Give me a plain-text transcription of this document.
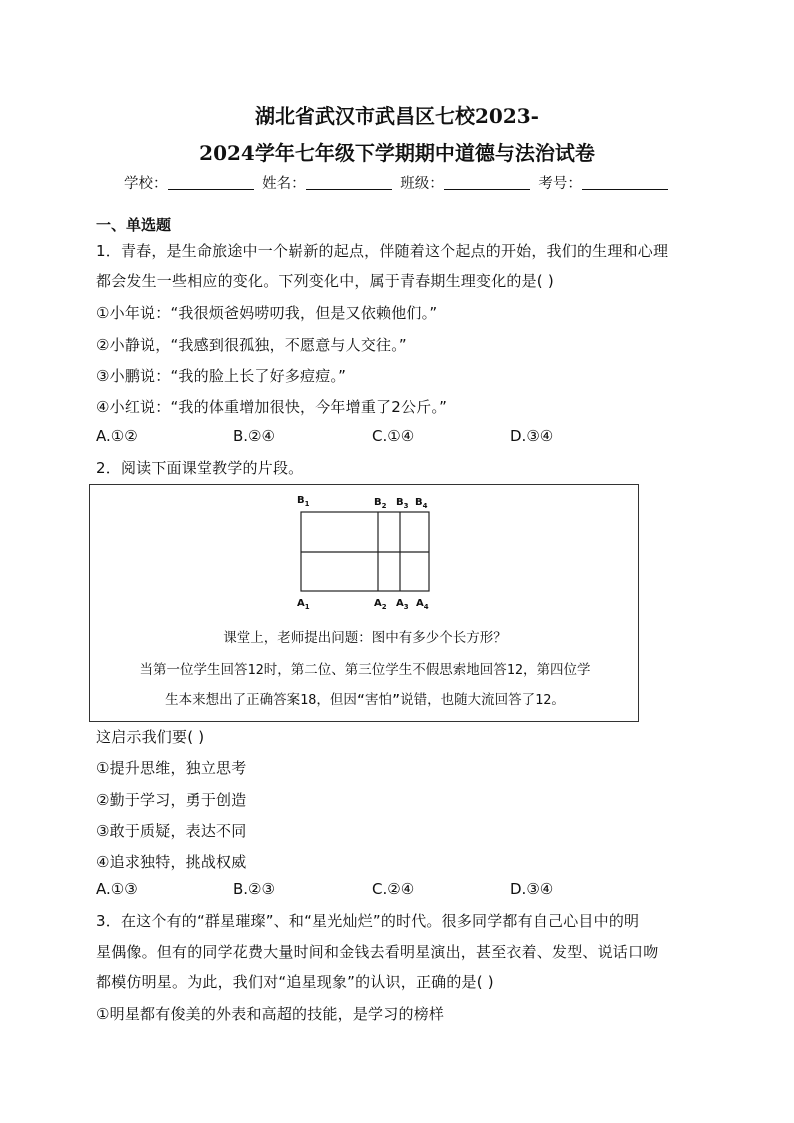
湖北省武汉市武昌区七校2023-
2024学年七年级下学期期中道德与法治试卷
学校：	姓名：	班级：	考号：
一、单选题
1．青春，是生命旅途中一个崭新的起点，伴随着这个起点的开始，我们的生理和心理
都会发生一些相应的变化。下列变化中，属于青春期生理变化的是( )
①小年说：“我很烦爸妈唠叨我，但是又依赖他们。”
②小静说，“我感到很孤独，不愿意与人交往。”
③小鹏说：“我的脸上长了好多痘痘。”
④小红说：“我的体重增加很快，今年增重了2公斤。”
A.①②	B.②④	C.①④	D.③④
2．阅读下面课堂教学的片段。
$B_1$	$B_2$ $B_3$ $B_4$
$A_1$	$A_2$ $A_3$ $A_4$
课堂上，老师提出问题：图中有多少个长方形？
当第一位学生回答12时，第二位、第三位学生不假思索地回答12，第四位学
生本来想出了正确答案18，但因“害怕”说错，也随大流回答了12。
这启示我们要( )
①提升思维，独立思考
②勤于学习，勇于创造
③敢于质疑，表达不同
④追求独特，挑战权威
A.①③	B.②③	C.②④	D.③④
3．在这个有的“群星璀璨”、和“星光灿烂”的时代。很多同学都有自己心目中的明
星偶像。但有的同学花费大量时间和金钱去看明星演出，甚至衣着、发型、说话口吻
都模仿明星。为此，我们对“追星现象”的认识，正确的是( )
①明星都有俊美的外表和高超的技能，是学习的榜样
